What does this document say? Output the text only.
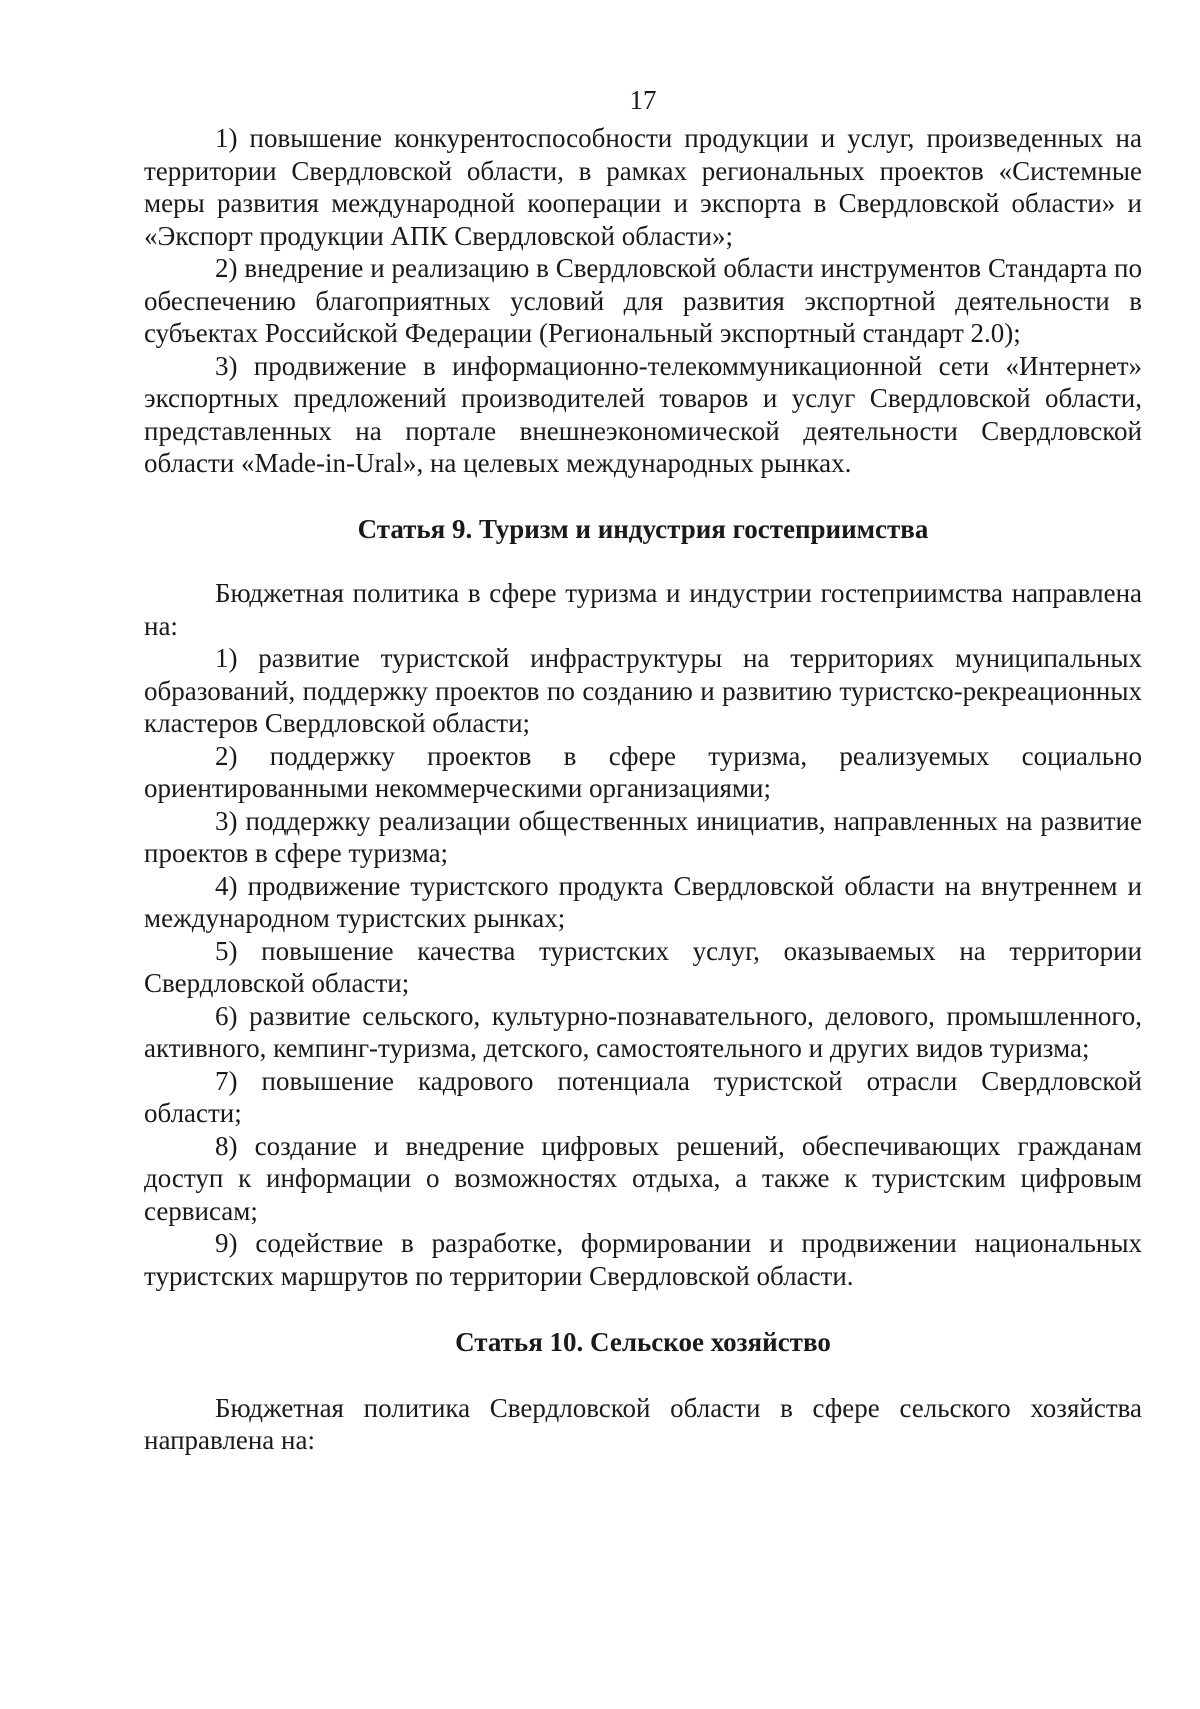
17

1) повышение конкурентоспособности продукции и услуг, произведенных на территории Свердловской области, в рамках региональных проектов «Системные меры развития международной кооперации и экспорта в Свердловской области» и «Экспорт продукции АПК Свердловской области»;

2) внедрение и реализацию в Свердловской области инструментов Стандарта по обеспечению благоприятных условий для развития экспортной деятельности в субъектах Российской Федерации (Региональный экспортный стандарт 2.0);

3) продвижение в информационно-телекоммуникационной сети «Интернет» экспортных предложений производителей товаров и услуг Свердловской области, представленных на портале внешнеэкономической деятельности Свердловской области «Made-in-Ural», на целевых международных рынках.

Статья 9. Туризм и индустрия гостеприимства

Бюджетная политика в сфере туризма и индустрии гостеприимства направлена на:

1) развитие туристской инфраструктуры на территориях муниципальных образований, поддержку проектов по созданию и развитию туристско-рекреационных кластеров Свердловской области;

2) поддержку проектов в сфере туризма, реализуемых социально ориентированными некоммерческими организациями;

3) поддержку реализации общественных инициатив, направленных на развитие проектов в сфере туризма;

4) продвижение туристского продукта Свердловской области на внутреннем и международном туристских рынках;

5) повышение качества туристских услуг, оказываемых на территории Свердловской области;

6) развитие сельского, культурно-познавательного, делового, промышленного, активного, кемпинг-туризма, детского, самостоятельного и других видов туризма;

7) повышение кадрового потенциала туристской отрасли Свердловской области;

8) создание и внедрение цифровых решений, обеспечивающих гражданам доступ к информации о возможностях отдыха, а также к туристским цифровым сервисам;

9) содействие в разработке, формировании и продвижении национальных туристских маршрутов по территории Свердловской области.

Статья 10. Сельское хозяйство

Бюджетная политика Свердловской области в сфере сельского хозяйства направлена на:
